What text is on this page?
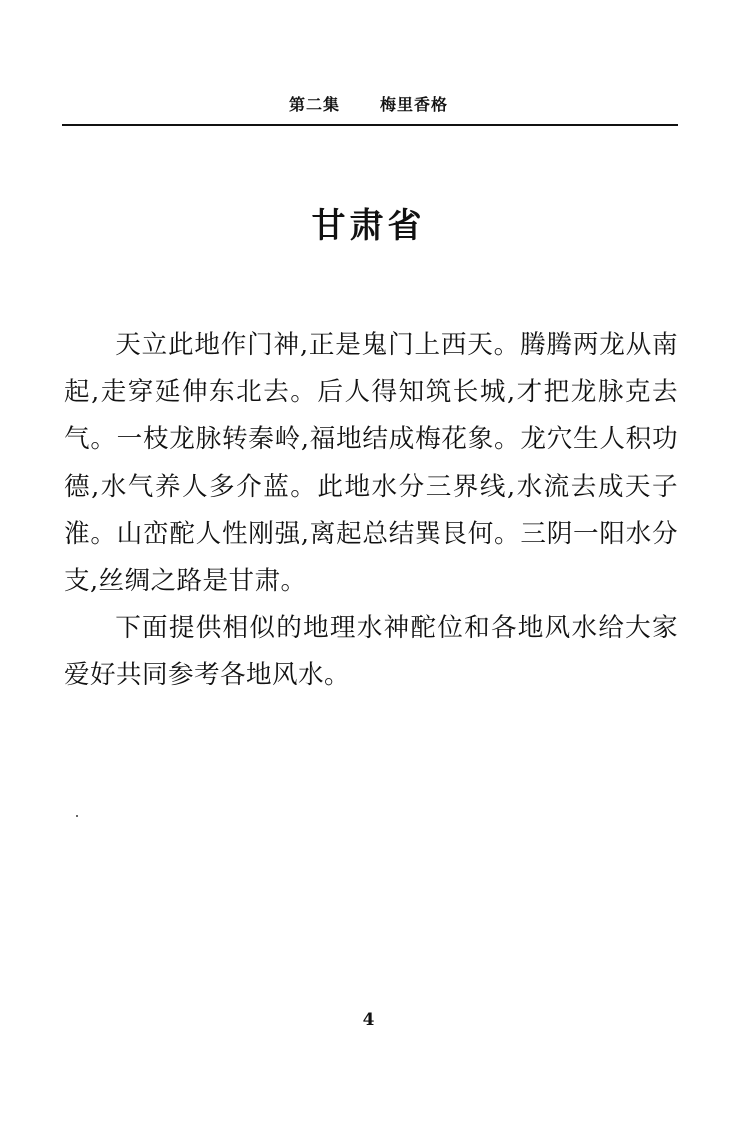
第二集	梅里香格
甘肃省

天立此地作门神,正是鬼门上西天。腾腾两龙从南起,走穿延伸东北去。后人得知筑长城,才把龙脉克去气。一枝龙脉转秦岭,福地结成梅花象。龙穴生人积功德,水气养人多介蓝。此地水分三界线,水流去成天子淮。山峦酡人性刚强,离起总结巽艮何。三阴一阳水分支,丝绸之路是甘肃。

下面提供相似的地理水神酡位和各地风水给大家爱好共同参考各地风水。

4
